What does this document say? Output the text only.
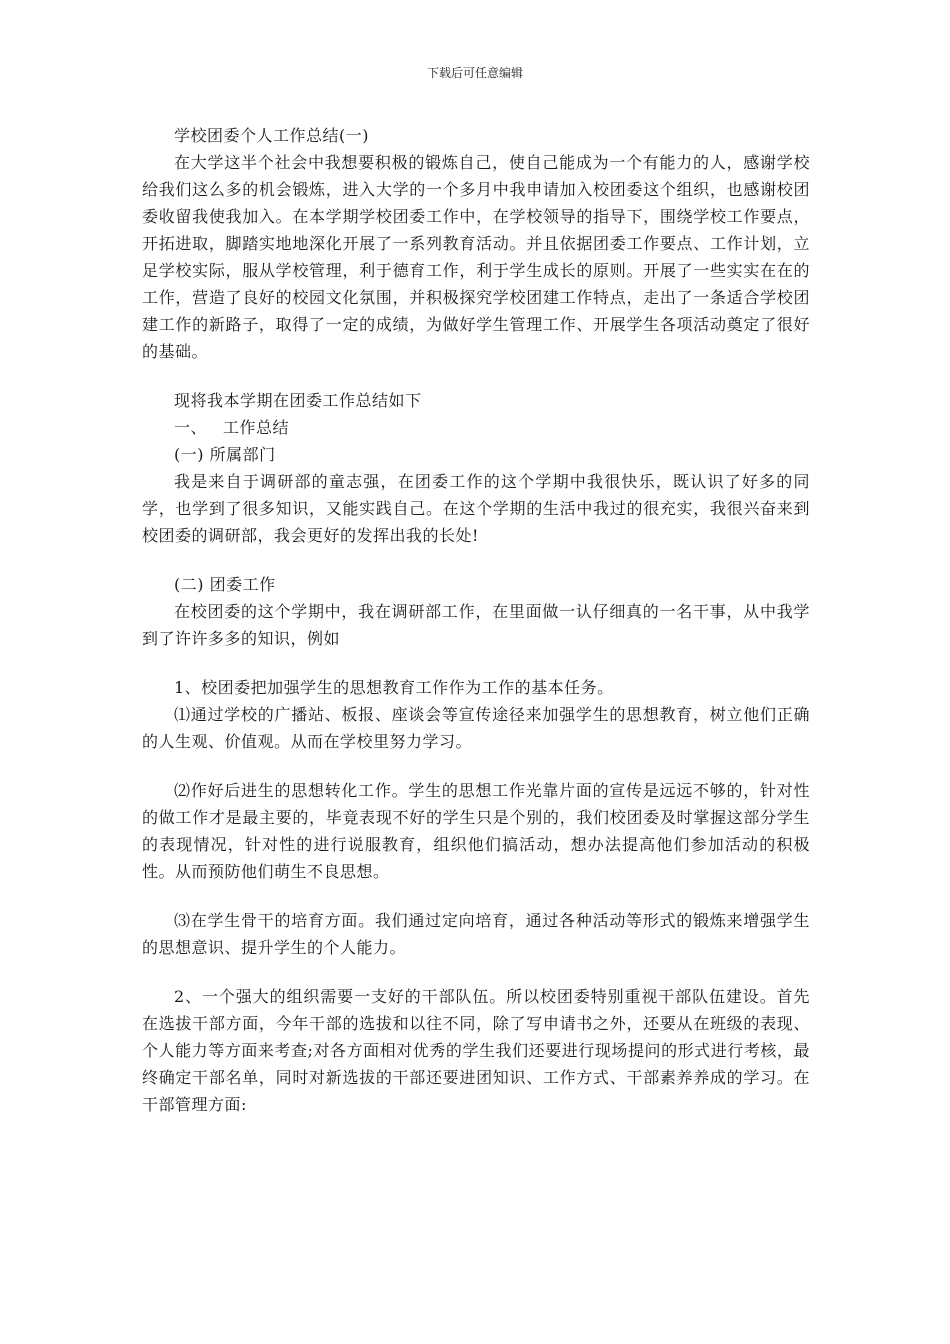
下载后可任意编辑

学校团委个人工作总结(一)

在大学这半个社会中我想要积极的锻炼自己，使自己能成为一个有能力的人，感谢学校给我们这么多的机会锻炼，进入大学的一个多月中我申请加入校团委这个组织，也感谢校团委收留我使我加入。在本学期学校团委工作中，在学校领导的指导下，围绕学校工作要点，开拓进取，脚踏实地地深化开展了一系列教育活动。并且依据团委工作要点、工作计划，立足学校实际，服从学校管理，利于德育工作，利于学生成长的原则。开展了一些实实在在的工作，营造了良好的校园文化氛围，并积极探究学校团建工作特点，走出了一条适合学校团建工作的新路子，取得了一定的成绩，为做好学生管理工作、开展学生各项活动奠定了很好的基础。

现将我本学期在团委工作总结如下

一、 工作总结

(一) 所属部门

我是来自于调研部的童志强，在团委工作的这个学期中我很快乐，既认识了好多的同学，也学到了很多知识，又能实践自己。在这个学期的生活中我过的很充实，我很兴奋来到校团委的调研部，我会更好的发挥出我的长处!

(二) 团委工作

在校团委的这个学期中，我在调研部工作，在里面做一认仔细真的一名干事，从中我学到了许许多多的知识，例如

1、校团委把加强学生的思想教育工作作为工作的基本任务。

⑴通过学校的广播站、板报、座谈会等宣传途径来加强学生的思想教育，树立他们正确的人生观、价值观。从而在学校里努力学习。

⑵作好后进生的思想转化工作。学生的思想工作光靠片面的宣传是远远不够的，针对性的做工作才是最主要的，毕竟表现不好的学生只是个别的，我们校团委及时掌握这部分学生的表现情况，针对性的进行说服教育，组织他们搞活动，想办法提高他们参加活动的积极性。从而预防他们萌生不良思想。

⑶在学生骨干的培育方面。我们通过定向培育，通过各种活动等形式的锻炼来增强学生的思想意识、提升学生的个人能力。

2、一个强大的组织需要一支好的干部队伍。所以校团委特别重视干部队伍建设。首先在选拔干部方面，今年干部的选拔和以往不同，除了写申请书之外，还要从在班级的表现、个人能力等方面来考查;对各方面相对优秀的学生我们还要进行现场提问的形式进行考核，最终确定干部名单，同时对新选拔的干部还要进团知识、工作方式、干部素养养成的学习。在干部管理方面:
